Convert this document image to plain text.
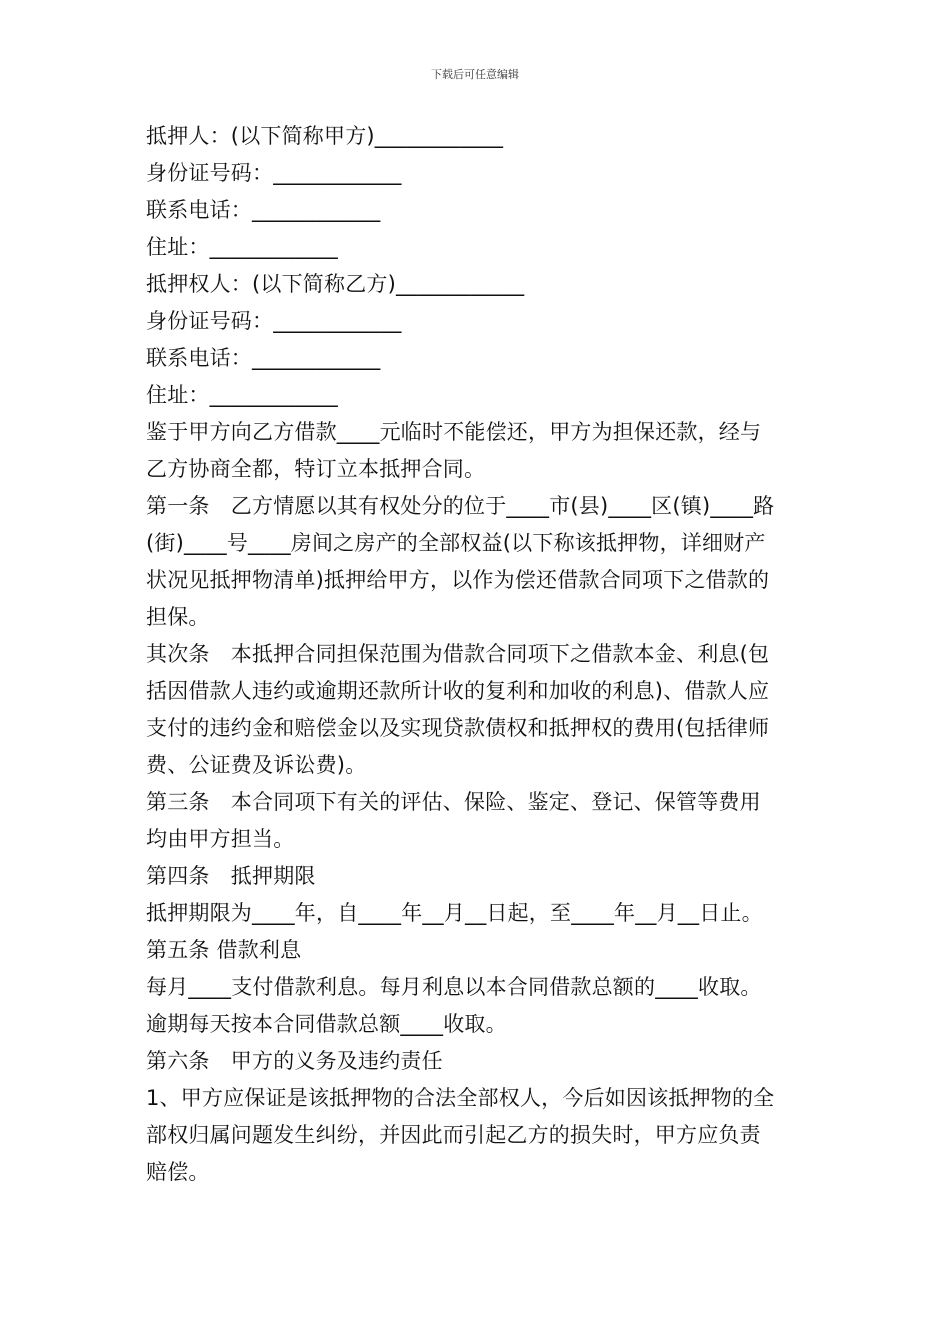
下载后可任意编辑
抵押人：(以下简称甲方)____________
身份证号码：____________
联系电话：____________
住址：____________
抵押权人：(以下简称乙方)____________
身份证号码：____________
联系电话：____________
住址：____________
鉴于甲方向乙方借款____元临时不能偿还，甲方为担保还款，经与
乙方协商全都，特订立本抵押合同。
第一条　乙方情愿以其有权处分的位于____市(县)____区(镇)____路
(街)____号____房间之房产的全部权益(以下称该抵押物，详细财产
状况见抵押物清单)抵押给甲方，以作为偿还借款合同项下之借款的
担保。
其次条　本抵押合同担保范围为借款合同项下之借款本金、利息(包
括因借款人违约或逾期还款所计收的复利和加收的利息)、借款人应
支付的违约金和赔偿金以及实现贷款债权和抵押权的费用(包括律师
费、公证费及诉讼费)。
第三条　本合同项下有关的评估、保险、鉴定、登记、保管等费用
均由甲方担当。
第四条　抵押期限
抵押期限为____年，自____年__月__日起，至____年__月__日止。
第五条 借款利息
每月____支付借款利息。每月利息以本合同借款总额的____收取。
逾期每天按本合同借款总额____收取。
第六条　甲方的义务及违约责任
1、甲方应保证是该抵押物的合法全部权人，今后如因该抵押物的全
部权归属问题发生纠纷，并因此而引起乙方的损失时，甲方应负责
赔偿。
